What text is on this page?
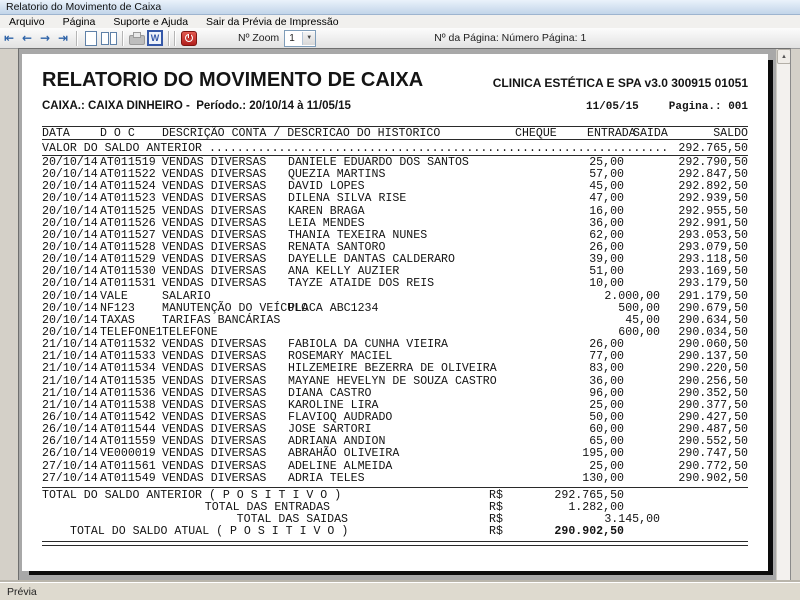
Relatorio do Movimento de Caixa
Arquivo	Página	Suporte e Ajuda	Sair da Prévia de Impressão
⇤ ← → ⇥	W	Nº Zoom	1	▼	Nº da Página: Número Página: 1
RELATORIO DO MOVIMENTO DE CAIXA	CLINICA ESTÉTICA E SPA v3.0 300915 01051
CAIXA.: CAIXA DINHEIRO -  Período.: 20/10/14 à 11/05/15	11/05/15	Pagina.: 001
DATA	D O C DESCRIÇÃO CONTA / DESCRICAO DO HISTORICO	CHEQUE	ENTRADA
SAIDA	SALDO
VALOR DO SALDO ANTERIOR .................................................................. 292.765,50
20/10/14 AT011519 VENDAS DIVERSAS DANIELE EDUARDO DOS SANTOS	25,00	292.790,50
20/10/14 AT011522 VENDAS DIVERSAS QUEZIA MARTINS	57,00	292.847,50
20/10/14 AT011524 VENDAS DIVERSAS DAVID LOPES	45,00	292.892,50
20/10/14 AT011523 VENDAS DIVERSAS DILENA SILVA RISE	47,00	292.939,50
20/10/14 AT011525 VENDAS DIVERSAS KAREN BRAGA	16,00	292.955,50
20/10/14 AT011526 VENDAS DIVERSAS LEIA MENDES	36,00	292.991,50
20/10/14 AT011527 VENDAS DIVERSAS THANIA TEXEIRA NUNES	62,00	293.053,50
20/10/14 AT011528 VENDAS DIVERSAS RENATA SANTORO	26,00	293.079,50
20/10/14 AT011529 VENDAS DIVERSAS DAYELLE DANTAS CALDERARO	39,00	293.118,50
20/10/14 AT011530 VENDAS DIVERSAS ANA KELLY AUZIER	51,00	293.169,50
20/10/14 AT011531 VENDAS DIVERSAS TAYZE ATAIDE DOS REIS	10,00	293.179,50
20/10/14 VALE	SALARIO	2.000,00 291.179,50
20/10/14 NF123 MANUTENÇÃO DO VEÍCULO
PLACA ABC1234	500,00 290.679,50
20/10/14 TAXAS TARIFAS BANCÁRIAS	45,00 290.634,50
20/10/14 TELEFONE1 TELEFONE	600,00 290.034,50
21/10/14 AT011532 VENDAS DIVERSAS FABIOLA DA CUNHA VIEIRA	26,00	290.060,50
21/10/14 AT011533 VENDAS DIVERSAS ROSEMARY MACIEL	77,00	290.137,50
21/10/14 AT011534 VENDAS DIVERSAS HILZEMEIRE BEZERRA DE OLIVEIRA	83,00	290.220,50
21/10/14 AT011535 VENDAS DIVERSAS MAYANE HEVELYN DE SOUZA CASTRO	36,00	290.256,50
21/10/14 AT011536 VENDAS DIVERSAS DIANA CASTRO	96,00	290.352,50
21/10/14 AT011538 VENDAS DIVERSAS KAROLINE LIRA	25,00	290.377,50
26/10/14 AT011542 VENDAS DIVERSAS FLAVIOQ AUDRADO	50,00	290.427,50
26/10/14 AT011544 VENDAS DIVERSAS JOSE SARTORI	60,00	290.487,50
26/10/14 AT011559 VENDAS DIVERSAS ADRIANA ANDION	65,00	290.552,50
26/10/14 VE000019 VENDAS DIVERSAS ABRAHÃO OLIVEIRA	195,00	290.747,50
27/10/14 AT011561 VENDAS DIVERSAS ADELINE ALMEIDA	25,00	290.772,50
27/10/14 AT011549 VENDAS DIVERSAS ADRIA TELES	130,00	290.902,50
TOTAL DO SALDO ANTERIOR ( P O S I T I V O )	R$	292.765,50
TOTAL DAS ENTRADAS	R$	1.282,00
TOTAL DAS SAIDAS	R$	3.145,00
TOTAL DO SALDO ATUAL ( P O S I T I V O )	R$	290.902,50
▲
Prévia
